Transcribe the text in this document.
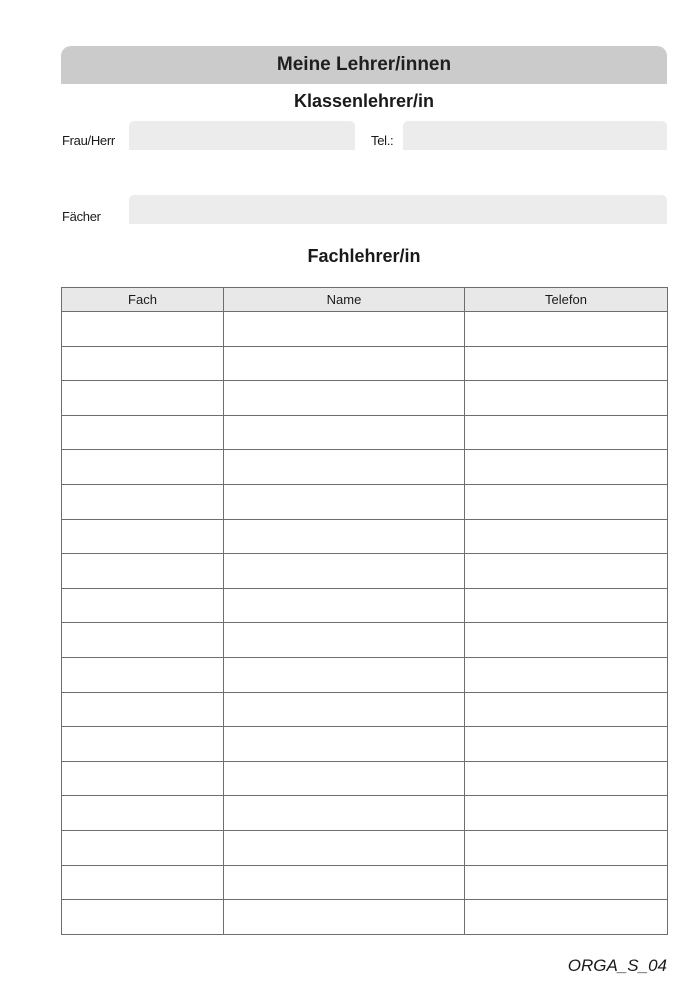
Meine Lehrer/innen
Klassenlehrer/in
Frau/Herr	Tel.:
Fächer
Fachlehrer/in
Fach	Name	Telefon

ORGA_S_04
